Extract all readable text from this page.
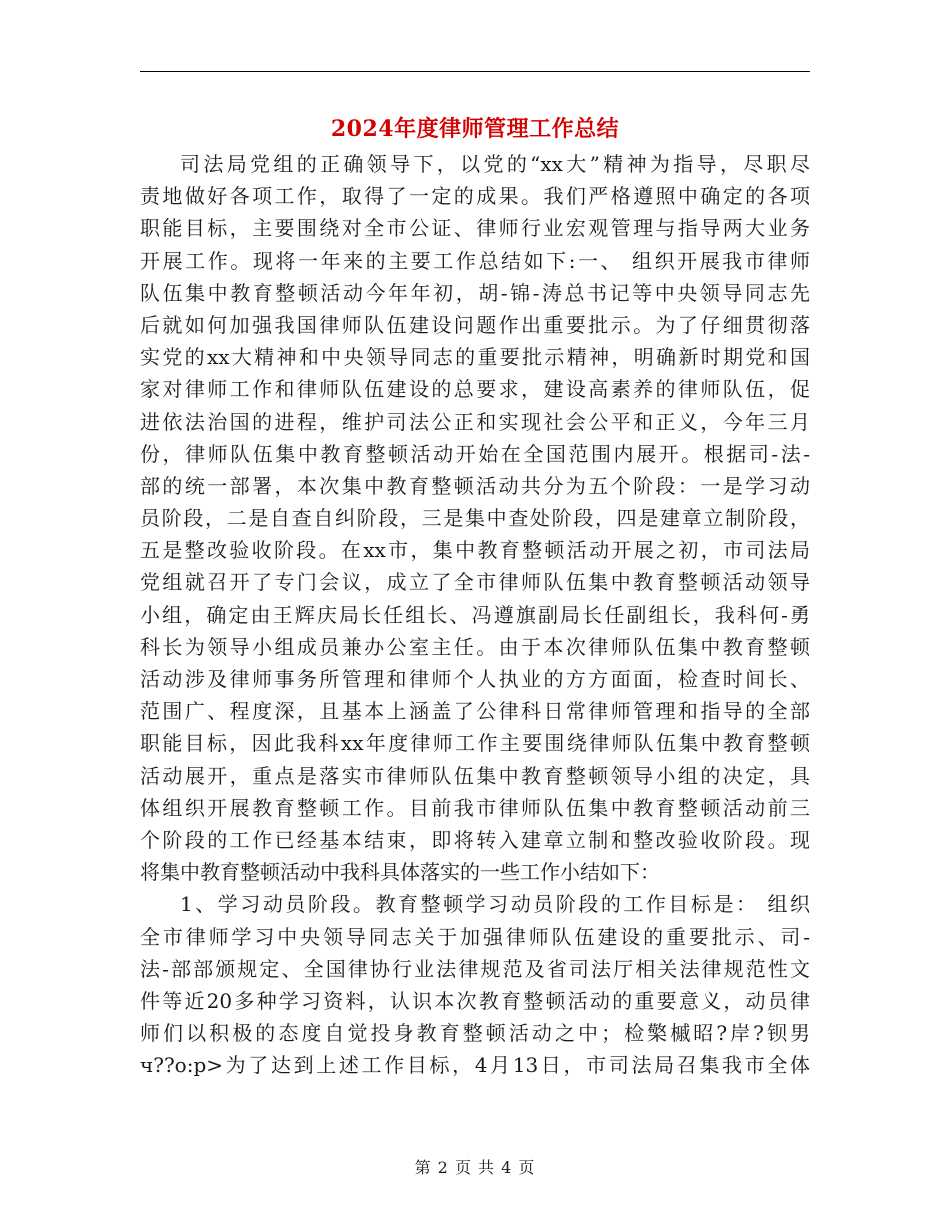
2024年度律师管理工作总结
司法局党组的正确领导下，以党的“xx大”精神为指导，尽职尽
责地做好各项工作，取得了一定的成果。我们严格遵照中确定的各项
职能目标，主要围绕对全市公证、律师行业宏观管理与指导两大业务
开展工作。现将一年来的主要工作总结如下:一、 组织开展我市律师
队伍集中教育整顿活动今年年初，胡-锦-涛总书记等中央领导同志先
后就如何加强我国律师队伍建设问题作出重要批示。为了仔细贯彻落
实党的xx大精神和中央领导同志的重要批示精神，明确新时期党和国
家对律师工作和律师队伍建设的总要求，建设高素养的律师队伍，促
进依法治国的进程，维护司法公正和实现社会公平和正义，今年三月
份，律师队伍集中教育整顿活动开始在全国范围内展开。根据司-法-
部的统一部署，本次集中教育整顿活动共分为五个阶段：一是学习动
员阶段，二是自查自纠阶段，三是集中查处阶段，四是建章立制阶段，
五是整改验收阶段。在xx市，集中教育整顿活动开展之初，市司法局
党组就召开了专门会议，成立了全市律师队伍集中教育整顿活动领导
小组，确定由王辉庆局长任组长、冯遵旗副局长任副组长，我科何-勇
科长为领导小组成员兼办公室主任。由于本次律师队伍集中教育整顿
活动涉及律师事务所管理和律师个人执业的方方面面，检查时间长、
范围广、程度深，且基本上涵盖了公律科日常律师管理和指导的全部
职能目标，因此我科xx年度律师工作主要围绕律师队伍集中教育整顿
活动展开，重点是落实市律师队伍集中教育整顿领导小组的决定，具
体组织开展教育整顿工作。目前我市律师队伍集中教育整顿活动前三
个阶段的工作已经基本结束，即将转入建章立制和整改验收阶段。现
将集中教育整顿活动中我科具体落实的一些工作小结如下：
1、学习动员阶段。教育整顿学习动员阶段的工作目标是： 组织
全市律师学习中央领导同志关于加强律师队伍建设的重要批示、司-
法-部部颁规定、全国律协行业法律规范及省司法厅相关法律规范性文
件等近20多种学习资料，认识本次教育整顿活动的重要意义，动员律
师们以积极的态度自觉投身教育整顿活动之中；检檠槭昭?岸?钡男
ч??o:p>为了达到上述工作目标，4月13日，市司法局召集我市全体
第 2 页 共 4 页
